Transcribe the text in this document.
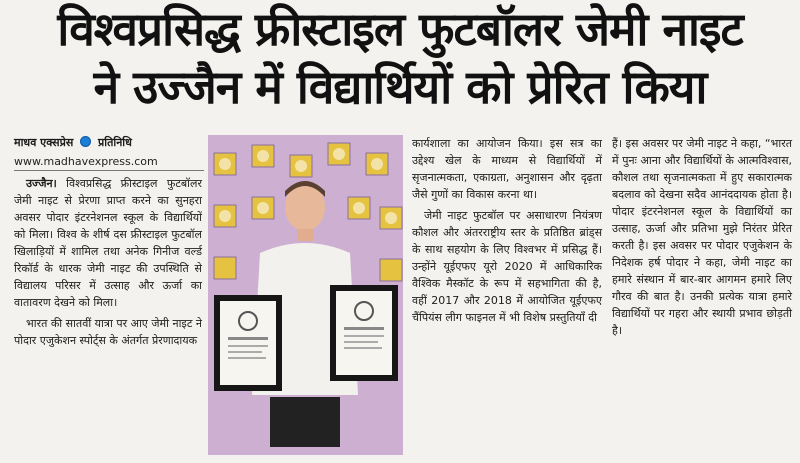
विश्वप्रसिद्ध फ्रीस्टाइल फुटबॉलर जेमी नाइट
ने उज्जैन में विद्यार्थियों को प्रेरित किया
माधव एक्सप्रेस प्रतिनिधि
www.madhavexpress.com

उज्जैन। विश्वप्रसिद्ध फ्रीस्टाइल फुटबॉलर जेमी नाइट से प्रेरणा प्राप्त करने का सुनहरा अवसर पोदार इंटरनेशनल स्कूल के विद्यार्थियों को मिला। विश्व के शीर्ष दस फ्रीस्टाइल फुटबॉल खिलाड़ियों में शामिल तथा अनेक गिनीज वर्ल्ड रिकॉर्ड के धारक जेमी नाइट की उपस्थिति से विद्यालय परिसर में उत्साह और ऊर्जा का वातावरण देखने को मिला।

भारत की सातवीं यात्रा पर आए जेमी नाइट ने पोदार एजुकेशन स्पोर्ट्स के अंतर्गत प्रेरणादायक

कार्यशाला का आयोजन किया। इस सत्र का उद्देश्य खेल के माध्यम से विद्यार्थियों में सृजनात्मकता, एकाग्रता, अनुशासन और दृढ़ता जैसे गुणों का विकास करना था।

जेमी नाइट फुटबॉल पर असाधारण नियंत्रण कौशल और अंतरराष्ट्रीय स्तर के प्रतिष्ठित ब्रांड्स के साथ सहयोग के लिए विश्वभर में प्रसिद्ध हैं। उन्होंने यूईएफए यूरो 2020 में आधिकारिक वैश्विक मैस्कॉट के रूप में सहभागिता की है, वहीं 2017 और 2018 में आयोजित यूईएफए चैंपियंस लीग फाइनल में भी विशेष प्रस्तुतियाँ दी

हैं। इस अवसर पर जेमी नाइट ने कहा, “भारत में पुनः आना और विद्यार्थियों के आत्मविश्वास, कौशल तथा सृजनात्मकता में हुए सकारात्मक बदलाव को देखना सदैव आनंददायक होता है। पोदार इंटरनेशनल स्कूल के विद्यार्थियों का उत्साह, ऊर्जा और प्रतिभा मुझे निरंतर प्रेरित करती है। इस अवसर पर पोदार एजुकेशन के निदेशक हर्ष पोदार ने कहा, जेमी नाइट का हमारे संस्थान में बार-बार आगमन हमारे लिए गौरव की बात है। उनकी प्रत्येक यात्रा हमारे विद्यार्थियों पर गहरा और स्थायी प्रभाव छोड़ती है।
